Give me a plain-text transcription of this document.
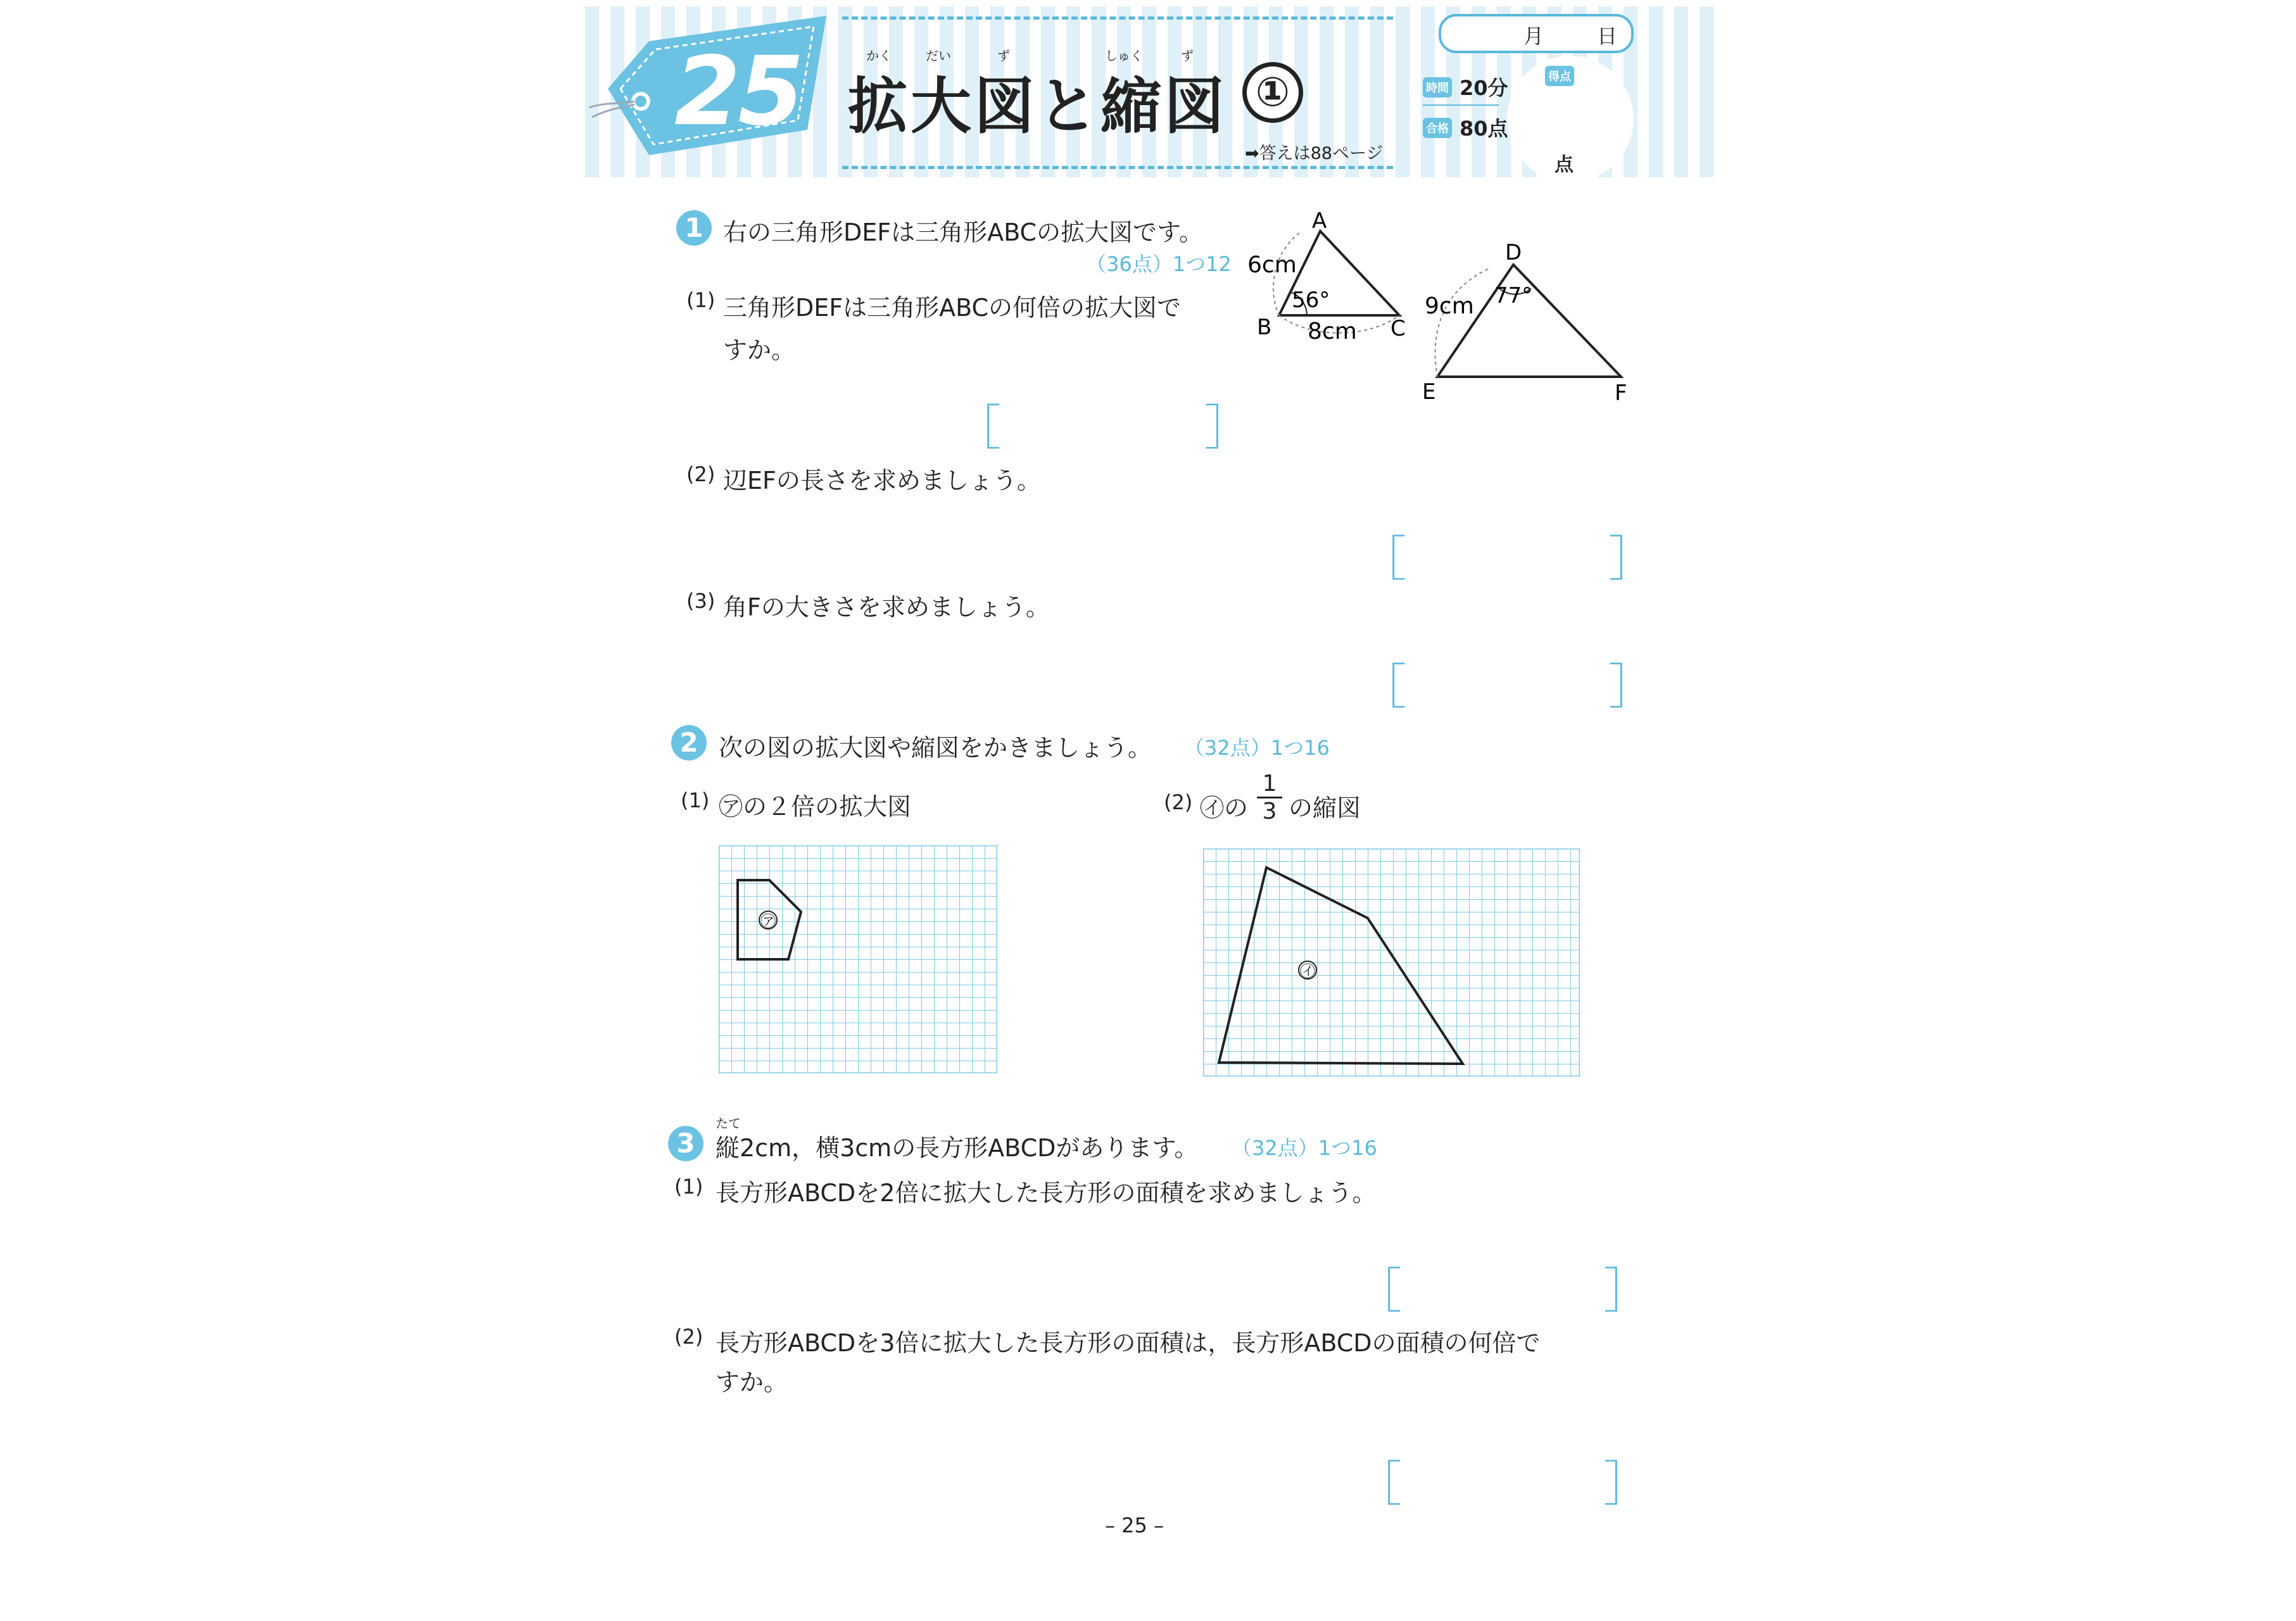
25	かく	だい	ず	しゅく	ず
拡大図と縮図 ①
➡答えは88ページ
月	日
時間 20分
合格 80点
得点
点
1 右の三角形DEFは三角形ABCの拡大図です。
（36点）1つ12
(1) 三角形DEFは三角形ABCの何倍の拡大図で
すか。
［	］
(2) 辺EFの長さを求めましょう。
［	］
(3) 角Fの大きさを求めましょう。
［	］
A
B	C
6cm
56°
8cm
D
E	F
9cm 77°
2 次の図の拡大図や縮図をかきましょう。 （32点）1つ16
(1) ㋐の２倍の拡大図	(2) ㋑の
1
3 の縮図
㋐
㋑
3
たて
縦2cm，横3cmの長方形ABCDがあります。 （32点）1つ16
(1) 長方形ABCDを2倍に拡大した長方形の面積を求めましょう。
［	］
(2) 長方形ABCDを3倍に拡大した長方形の面積は，長方形ABCDの面積の何倍で
すか。
［	］
– 25 –
